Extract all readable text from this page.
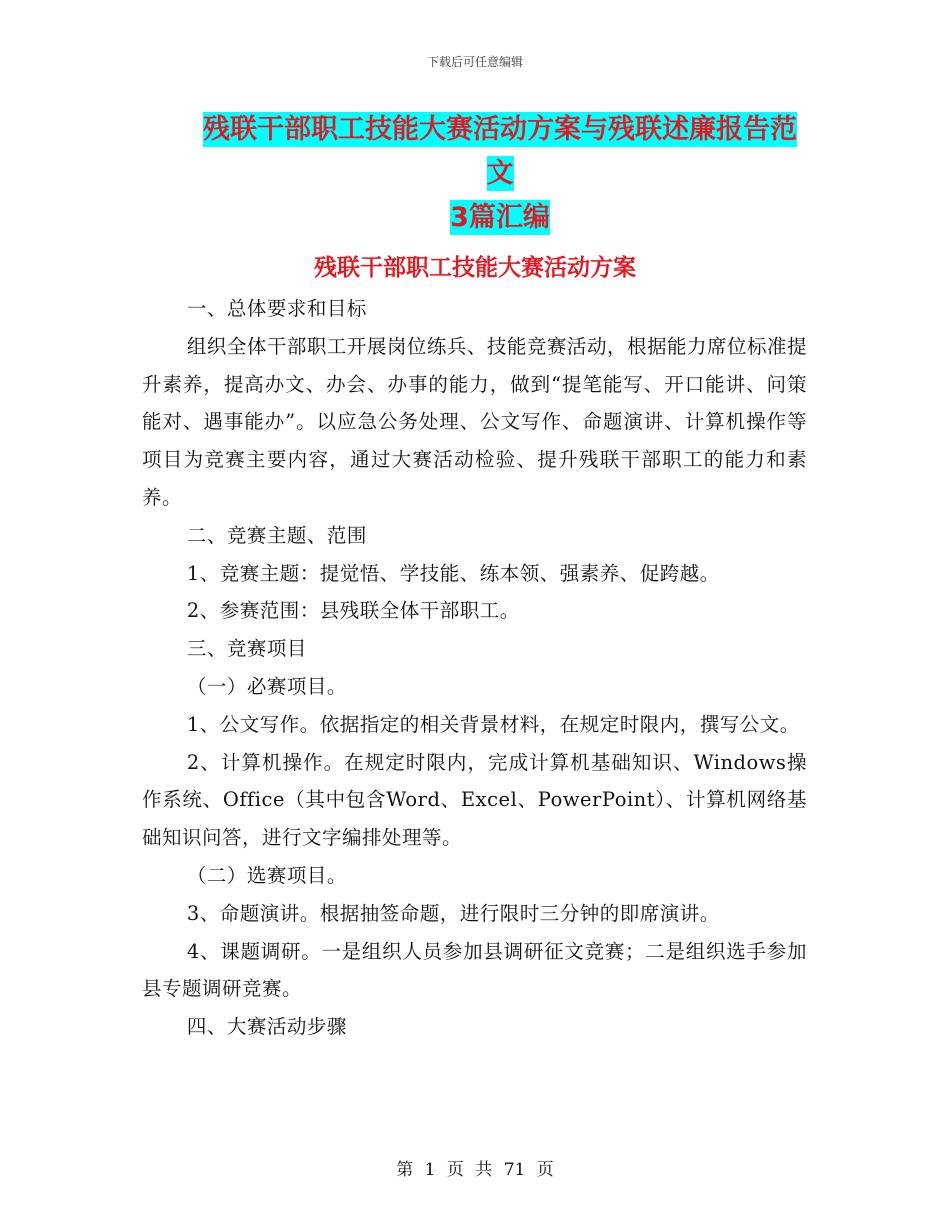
下载后可任意编辑
残联干部职工技能大赛活动方案与残联述廉报告范文
3篇汇编
残联干部职工技能大赛活动方案

一、总体要求和目标

组织全体干部职工开展岗位练兵、技能竞赛活动，根据能力席位标准提升素养，提高办文、办会、办事的能力，做到“提笔能写、开口能讲、问策能对、遇事能办”。以应急公务处理、公文写作、命题演讲、计算机操作等项目为竞赛主要内容，通过大赛活动检验、提升残联干部职工的能力和素养。

二、竞赛主题、范围

1、竞赛主题：提觉悟、学技能、练本领、强素养、促跨越。

2、参赛范围：县残联全体干部职工。

三、竞赛项目

（一）必赛项目。

1、公文写作。依据指定的相关背景材料，在规定时限内，撰写公文。

2、计算机操作。在规定时限内，完成计算机基础知识、Windows操作系统、Office（其中包含Word、Excel、PowerPoint）、计算机网络基础知识问答，进行文字编排处理等。

（二）选赛项目。

3、命题演讲。根据抽签命题，进行限时三分钟的即席演讲。

4、课题调研。一是组织人员参加县调研征文竞赛；二是组织选手参加县专题调研竞赛。

四、大赛活动步骤

第 1 页 共 71 页
